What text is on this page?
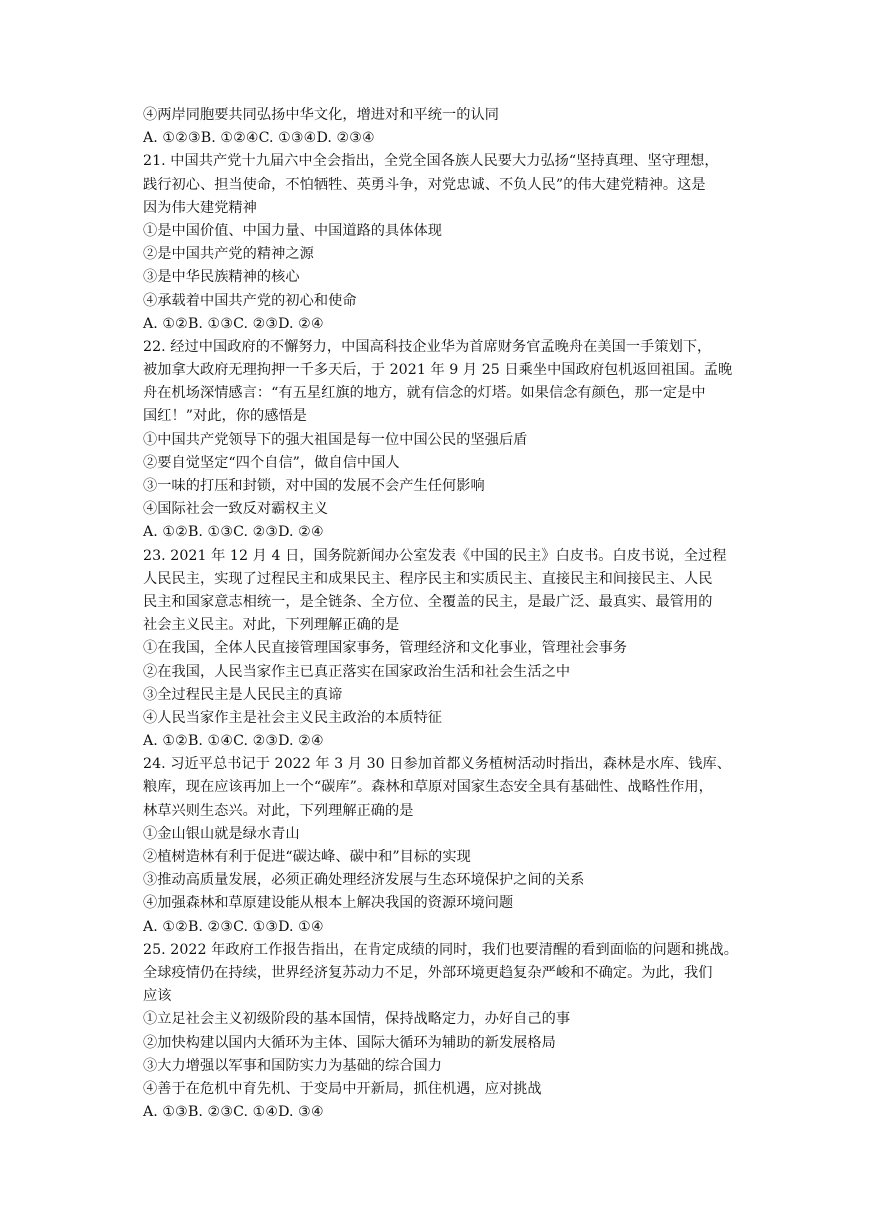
④两岸同胞要共同弘扬中华文化，增进对和平统一的认同
A. ①②③B. ①②④C. ①③④D. ②③④
21. 中国共产党十九届六中全会指出，全党全国各族人民要大力弘扬“坚持真理、坚守理想，
践行初心、担当使命，不怕牺牲、英勇斗争，对党忠诚、不负人民”的伟大建党精神。这是
因为伟大建党精神
①是中国价值、中国力量、中国道路的具体体现
②是中国共产党的精神之源
③是中华民族精神的核心
④承载着中国共产党的初心和使命
A. ①②B. ①③C. ②③D. ②④
22. 经过中国政府的不懈努力，中国高科技企业华为首席财务官孟晚舟在美国一手策划下，
被加拿大政府无理拘押一千多天后，于 2021 年 9 月 25 日乘坐中国政府包机返回祖国。孟晚
舟在机场深情感言：“有五星红旗的地方，就有信念的灯塔。如果信念有颜色，那一定是中
国红！”对此，你的感悟是
①中国共产党领导下的强大祖国是每一位中国公民的坚强后盾
②要自觉坚定“四个自信”，做自信中国人
③一味的打压和封锁，对中国的发展不会产生任何影响
④国际社会一致反对霸权主义
A. ①②B. ①③C. ②③D. ②④
23. 2021 年 12 月 4 日，国务院新闻办公室发表《中国的民主》白皮书。白皮书说，全过程
人民民主，实现了过程民主和成果民主、程序民主和实质民主、直接民主和间接民主、人民
民主和国家意志相统一，是全链条、全方位、全覆盖的民主，是最广泛、最真实、最管用的
社会主义民主。对此，下列理解正确的是
①在我国，全体人民直接管理国家事务，管理经济和文化事业，管理社会事务
②在我国，人民当家作主已真正落实在国家政治生活和社会生活之中
③全过程民主是人民民主的真谛
④人民当家作主是社会主义民主政治的本质特征
A. ①②B. ①④C. ②③D. ②④
24. 习近平总书记于 2022 年 3 月 30 日参加首都义务植树活动时指出，森林是水库、钱库、
粮库，现在应该再加上一个“碳库”。森林和草原对国家生态安全具有基础性、战略性作用，
林草兴则生态兴。对此，下列理解正确的是
①金山银山就是绿水青山
②植树造林有利于促进“碳达峰、碳中和”目标的实现
③推动高质量发展，必须正确处理经济发展与生态环境保护之间的关系
④加强森林和草原建设能从根本上解决我国的资源环境问题
A. ①②B. ②③C. ①③D. ①④
25. 2022 年政府工作报告指出，在肯定成绩的同时，我们也要清醒的看到面临的问题和挑战。
全球疫情仍在持续，世界经济复苏动力不足，外部环境更趋复杂严峻和不确定。为此，我们
应该
①立足社会主义初级阶段的基本国情，保持战略定力，办好自己的事
②加快构建以国内大循环为主体、国际大循环为辅助的新发展格局
③大力增强以军事和国防实力为基础的综合国力
④善于在危机中育先机、于变局中开新局，抓住机遇，应对挑战
A. ①③B. ②③C. ①④D. ③④
